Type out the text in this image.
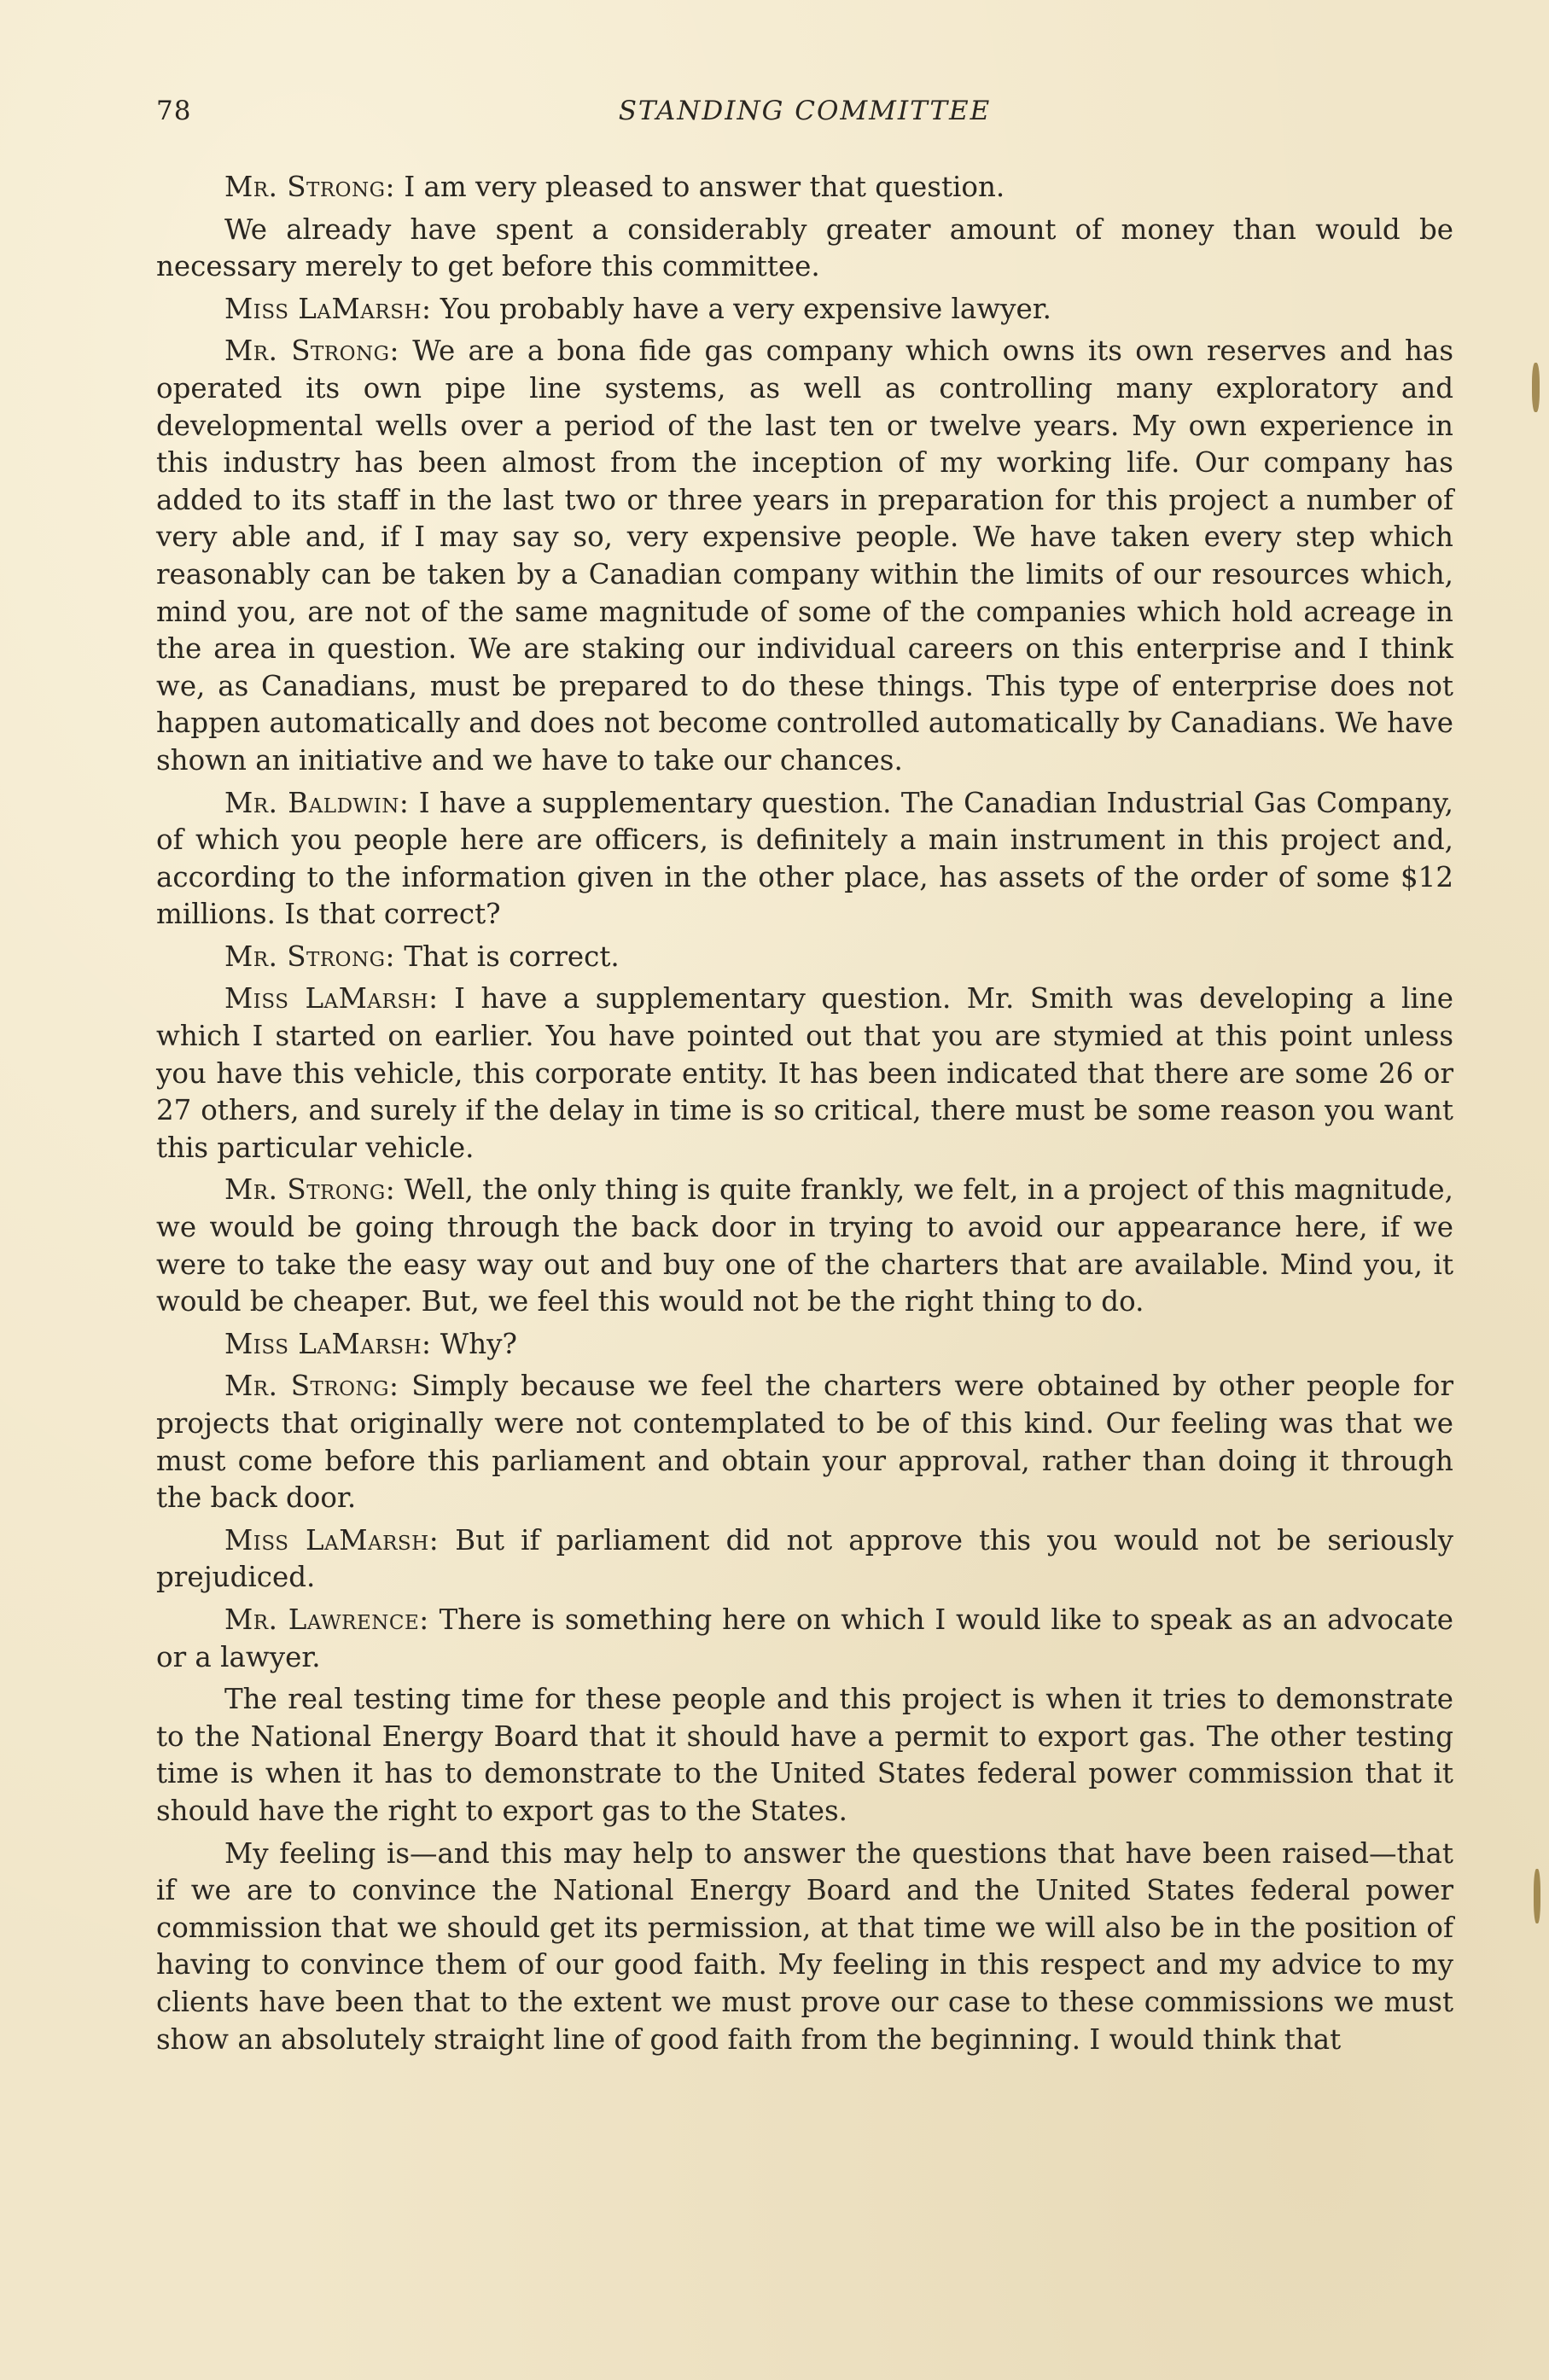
78	STANDING COMMITTEE

Mr. Strong: I am very pleased to answer that question.

We already have spent a considerably greater amount of money than would be necessary merely to get before this committee.

Miss LaMarsh: You probably have a very expensive lawyer.

Mr. Strong: We are a bona fide gas company which owns its own reserves and has operated its own pipe line systems, as well as controlling many exploratory and developmental wells over a period of the last ten or twelve years. My own experience in this industry has been almost from the inception of my working life. Our company has added to its staff in the last two or three years in preparation for this project a number of very able and, if I may say so, very expensive people. We have taken every step which reasonably can be taken by a Canadian company within the limits of our resources which, mind you, are not of the same magnitude of some of the companies which hold acreage in the area in question. We are staking our individual careers on this enterprise and I think we, as Canadians, must be prepared to do these things. This type of enterprise does not happen automatically and does not become controlled automatically by Canadians. We have shown an initiative and we have to take our chances.

Mr. Baldwin: I have a supplementary question. The Canadian Industrial Gas Company, of which you people here are officers, is definitely a main instrument in this project and, according to the information given in the other place, has assets of the order of some $12 millions. Is that correct?

Mr. Strong: That is correct.

Miss LaMarsh: I have a supplementary question. Mr. Smith was developing a line which I started on earlier. You have pointed out that you are stymied at this point unless you have this vehicle, this corporate entity. It has been indicated that there are some 26 or 27 others, and surely if the delay in time is so critical, there must be some reason you want this particular vehicle.

Mr. Strong: Well, the only thing is quite frankly, we felt, in a project of this magnitude, we would be going through the back door in trying to avoid our appearance here, if we were to take the easy way out and buy one of the charters that are available. Mind you, it would be cheaper. But, we feel this would not be the right thing to do.

Miss LaMarsh: Why?

Mr. Strong: Simply because we feel the charters were obtained by other people for projects that originally were not contemplated to be of this kind. Our feeling was that we must come before this parliament and obtain your approval, rather than doing it through the back door.

Miss LaMarsh: But if parliament did not approve this you would not be seriously prejudiced.

Mr. Lawrence: There is something here on which I would like to speak as an advocate or a lawyer.

The real testing time for these people and this project is when it tries to demonstrate to the National Energy Board that it should have a permit to export gas. The other testing time is when it has to demonstrate to the United States federal power commission that it should have the right to export gas to the States.

My feeling is—and this may help to answer the questions that have been raised—that if we are to convince the National Energy Board and the United States federal power commission that we should get its permission, at that time we will also be in the position of having to convince them of our good faith. My feeling in this respect and my advice to my clients have been that to the extent we must prove our case to these commissions we must show an absolutely straight line of good faith from the beginning. I would think that
